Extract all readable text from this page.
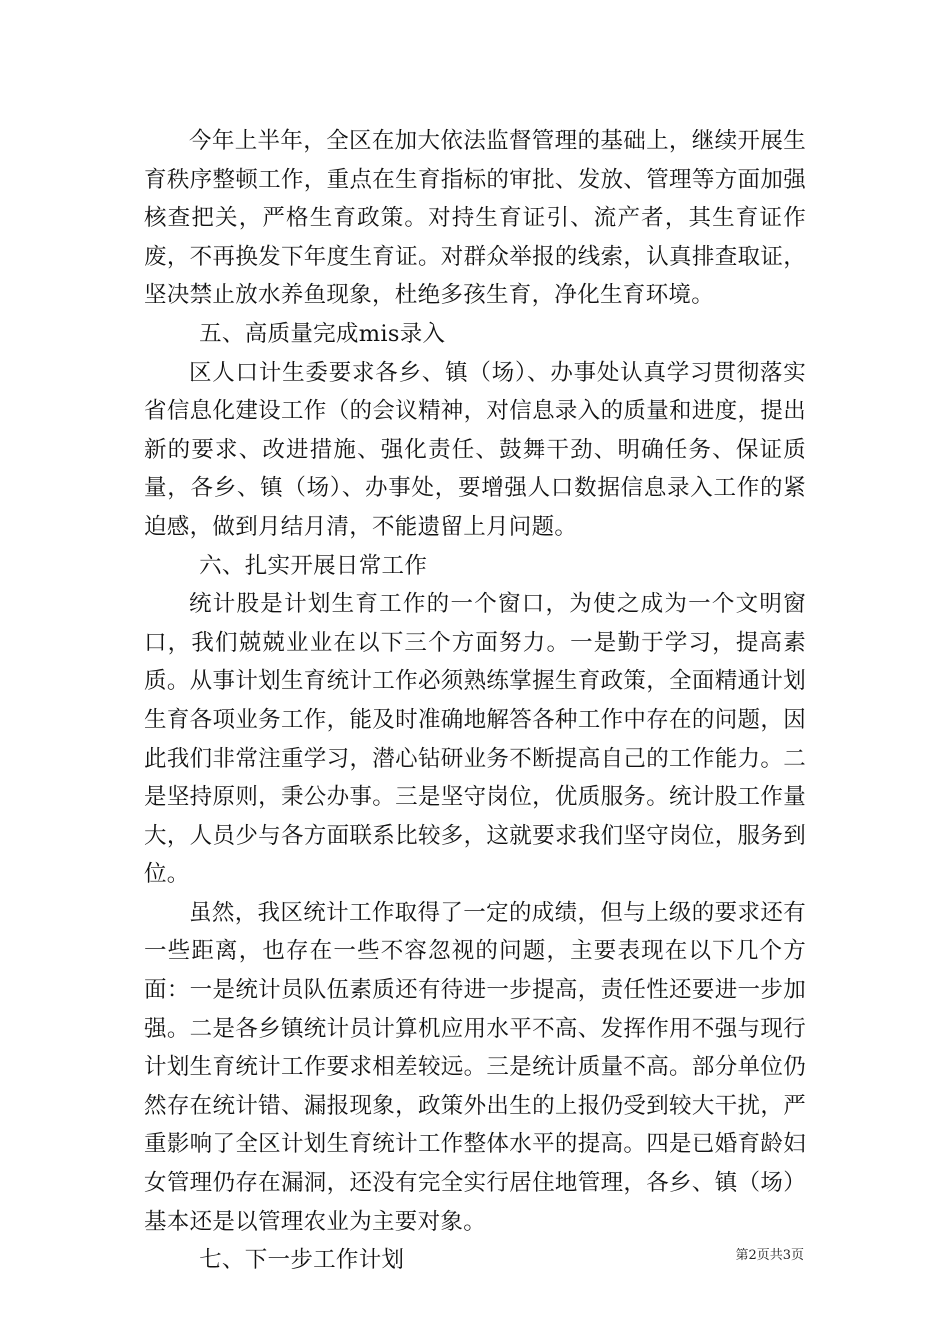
今年上半年，全区在加大依法监督管理的基础上，继续开展生育秩序整顿工作，重点在生育指标的审批、发放、管理等方面加强核查把关，严格生育政策。对持生育证引、流产者，其生育证作废，不再换发下年度生育证。对群众举报的线索，认真排查取证，坚决禁止放水养鱼现象，杜绝多孩生育，净化生育环境。

五、高质量完成mis录入

区人口计生委要求各乡、镇（场）、办事处认真学习贯彻落实省信息化建设工作（的会议精神，对信息录入的质量和进度，提出新的要求、改进措施、强化责任、鼓舞干劲、明确任务、保证质量，各乡、镇（场）、办事处，要增强人口数据信息录入工作的紧迫感，做到月结月清，不能遗留上月问题。

六、扎实开展日常工作

统计股是计划生育工作的一个窗口，为使之成为一个文明窗口，我们兢兢业业在以下三个方面努力。一是勤于学习，提高素质。从事计划生育统计工作必须熟练掌握生育政策，全面精通计划生育各项业务工作，能及时准确地解答各种工作中存在的问题，因此我们非常注重学习，潜心钻研业务不断提高自己的工作能力。二是坚持原则，秉公办事。三是坚守岗位，优质服务。统计股工作量大，人员少与各方面联系比较多，这就要求我们坚守岗位，服务到位。

虽然，我区统计工作取得了一定的成绩，但与上级的要求还有一些距离，也存在一些不容忽视的问题，主要表现在以下几个方面：一是统计员队伍素质还有待进一步提高，责任性还要进一步加强。二是各乡镇统计员计算机应用水平不高、发挥作用不强与现行计划生育统计工作要求相差较远。三是统计质量不高。部分单位仍然存在统计错、漏报现象，政策外出生的上报仍受到较大干扰，严重影响了全区计划生育统计工作整体水平的提高。四是已婚育龄妇女管理仍存在漏洞，还没有完全实行居住地管理，各乡、镇（场）基本还是以管理农业为主要对象。

七、下一步工作计划	第2页共3页
